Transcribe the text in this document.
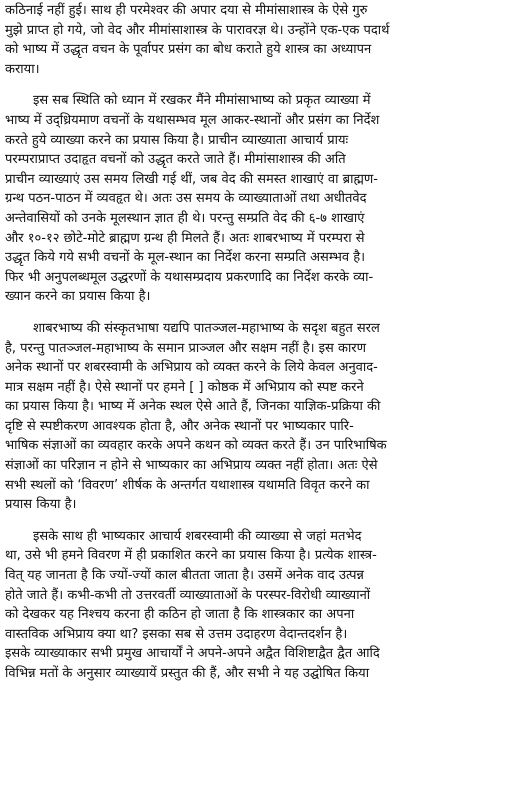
कठिनाई नहीं हुई। साथ ही परमेश्वर की अपार दया से मीमांसाशास्त्र के ऐसे गुरु
मुझे प्राप्त हो गये, जो वेद और मीमांसाशास्त्र के पारावरज्ञ थे। उन्होंने एक-एक पदार्थ
को भाष्य में उद्धृत वचन के पूर्वापर प्रसंग का बोध कराते हुये शास्त्र का अध्यापन
कराया।
इस सब स्थिति को ध्यान में रखकर मैंने मीमांसाभाष्य को प्रकृत व्याख्या में
भाष्य में उद्ध्रियमाण वचनों के यथासम्भव मूल आकर-स्थानों और प्रसंग का निर्देश
करते हुये व्याख्या करने का प्रयास किया है। प्राचीन व्याख्याता आचार्य प्रायः
परम्पराप्राप्त उदाहृत वचनों को उद्धृत करते जाते हैं। मीमांसाशास्त्र की अति
प्राचीन व्याख्याएं उस समय लिखी गई थीं, जब वेद की समस्त शाखाएं वा ब्राह्मण-
ग्रन्थ पठन-पाठन में व्यवहृत थे। अतः उस समय के व्याख्याताओं तथा अधीतवेद
अन्तेवासियों को उनके मूलस्थान ज्ञात ही थे। परन्तु सम्प्रति वेद की ६-७ शाखाएं
और १०-१२ छोटे-मोटे ब्राह्मण ग्रन्थ ही मिलते हैं। अतः शाबरभाष्य में परम्परा से
उद्धृत किये गये सभी वचनों के मूल-स्थान का निर्देश करना सम्प्रति असम्भव है।
फिर भी अनुपलब्धमूल उद्धरणों के यथासम्प्रदाय प्रकरणादि का निर्देश करके व्या-
ख्यान करने का प्रयास किया है।
शाबरभाष्य की संस्कृतभाषा यद्यपि पातञ्जल-महाभाष्य के सदृश बहुत सरल
है, परन्तु पातञ्जल-महाभाष्य के समान प्राञ्जल और सक्षम नहीं है। इस कारण
अनेक स्थानों पर शबरस्वामी के अभिप्राय को व्यक्त करने के लिये केवल अनुवाद-
मात्र सक्षम नहीं है। ऐसे स्थानों पर हमने [ ] कोष्ठक में अभिप्राय को स्पष्ट करने
का प्रयास किया है। भाष्य में अनेक स्थल ऐसे आते हैं, जिनका याज्ञिक-प्रक्रिया की
दृष्टि से स्पष्टीकरण आवश्यक होता है, और अनेक स्थानों पर भाष्यकार पारि-
भाषिक संज्ञाओं का व्यवहार करके अपने कथन को व्यक्त करते हैं। उन पारिभाषिक
संज्ञाओं का परिज्ञान न होने से भाष्यकार का अभिप्राय व्यक्त नहीं होता। अतः ऐसे
सभी स्थलों को ‘विवरण’ शीर्षक के अन्तर्गत यथाशास्त्र यथामति विवृत करने का
प्रयास किया है।
इसके साथ ही भाष्यकार आचार्य शबरस्वामी की व्याख्या से जहां मतभेद
था, उसे भी हमने विवरण में ही प्रकाशित करने का प्रयास किया है। प्रत्येक शास्त्र-
वित् यह जानता है कि ज्यों-ज्यों काल बीतता जाता है। उसमें अनेक वाद उत्पन्न
होते जाते हैं। कभी-कभी तो उत्तरवर्ती व्याख्याताओं के परस्पर-विरोधी व्याख्यानों
को देखकर यह निश्चय करना ही कठिन हो जाता है कि शास्त्रकार का अपना
वास्तविक अभिप्राय क्या था? इसका सब से उत्तम उदाहरण वेदान्तदर्शन है।
इसके व्याख्याकार सभी प्रमुख आचार्यों ने अपने-अपने अद्वैत विशिष्टाद्वैत द्वैत आदि
विभिन्न मतों के अनुसार व्याख्यायें प्रस्तुत की हैं, और सभी ने यह उद्घोषित किया
